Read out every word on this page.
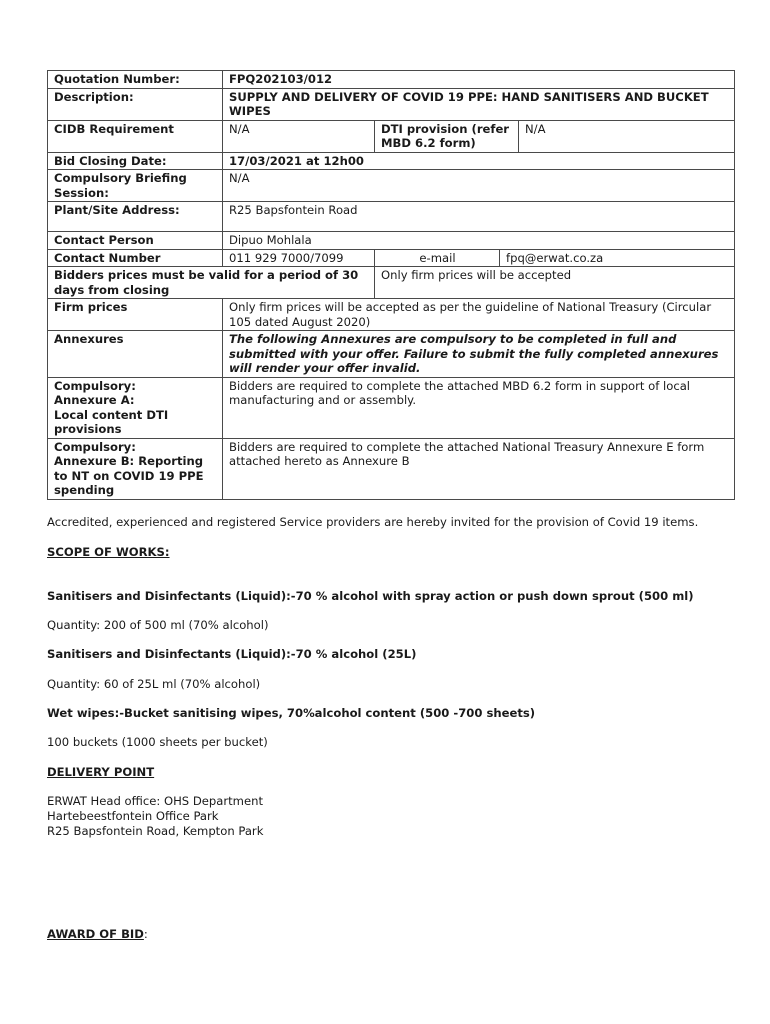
Quotation Number:	FPQ202103/012			
Description:	SUPPLY AND DELIVERY OF COVID 19 PPE: HAND SANITISERS AND BUCKET WIPES			
CIDB Requirement	N/A	DTI provision (refer MBD 6.2 form)		N/A
Bid Closing Date:	17/03/2021 at 12h00			
Compulsory Briefing Session:	N/A			
Plant/Site Address:	R25 Bapsfontein Road			
Contact Person	Dipuo Mohlala			
Contact Number	011 929 7000/7099	e-mail	fpq@erwat.co.za	
Bidders prices must be valid for a period of 30 days from closing		Only firm prices will be accepted		
Firm prices	Only firm prices will be accepted as per the guideline of National Treasury (Circular 105 dated August 2020)			
Annexures	The following Annexures are compulsory to be completed in full and submitted with your offer. Failure to submit the fully completed annexures will render your offer invalid.			

Compulsory:
Annexure A:
Local content DTI provisions	Bidders are required to complete the attached MBD 6.2 form in support of local manufacturing and or assembly.			

Compulsory:
Annexure B: Reporting to NT on COVID 19 PPE spending	Bidders are required to complete the attached National Treasury Annexure E form attached hereto as Annexure B			

Accredited, experienced and registered Service providers are hereby invited for the provision of Covid 19 items.

SCOPE OF WORKS:

Sanitisers and Disinfectants (Liquid):-70 % alcohol with spray action or push down sprout (500 ml)

Quantity: 200 of 500 ml (70% alcohol)

Sanitisers and Disinfectants (Liquid):-70 % alcohol (25L)

Quantity: 60 of 25L ml (70% alcohol)

Wet wipes:-Bucket sanitising wipes, 70%alcohol content (500 -700 sheets)

100 buckets (1000 sheets per bucket)

DELIVERY POINT

ERWAT Head office: OHS Department

Hartebeestfontein Office Park

R25 Bapsfontein Road, Kempton Park

AWARD OF BID:
